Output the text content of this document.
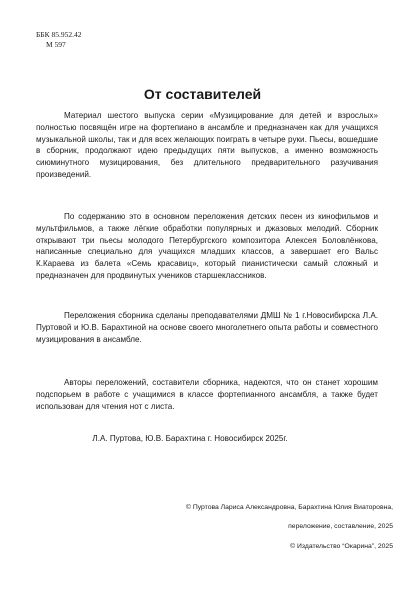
ББК 85.952.42
М 597
От составителей

Материал шестого выпуска серии «Музицирование для детей и взрослых» полностью посвящён игре на фортепиано в ансамбле и предназначен как для учащихся музыкальной школы, так и для всех желающих поиграть в четыре руки. Пьесы, вошедшие в сборник, продолжают идею предыдущих пяти выпусков, а именно возможность сиюминутного музицирования, без длительного предварительного разучивания произведений.

По содержанию это в основном переложения детских песен из кинофильмов и мультфильмов, а также лёгкие обработки популярных и джазовых мелодий. Сборник открывают три пьесы молодого Петербургского композитора Алексея Боловлёнкова, написанные специально для учащихся младших классов, а завершает его Вальс К.Караева из балета «Семь красавиц», который пианистически самый сложный и предназначен для продвинутых учеников старшеклассников.

Переложения сборника сделаны преподавателями ДМШ № 1 г.Новосибирска Л.А. Пуртовой и Ю.В. Барахтиной на основе своего многолетнего опыта работы и совместного музицирования в ансамбле.

Авторы переложений, составители сборника, надеются, что он станет хорошим подспорьем в работе с учащимися в классе фортепианного ансамбля, а также будет использован для чтения нот с листа.

Л.А. Пуртова, Ю.В. Барахтина г. Новосибирск 2025г.
© Пуртова Лариса Александровна, Барахтина Юлия Виаторовна,
переложение, составление, 2025
© Издательство “Окарина”, 2025
